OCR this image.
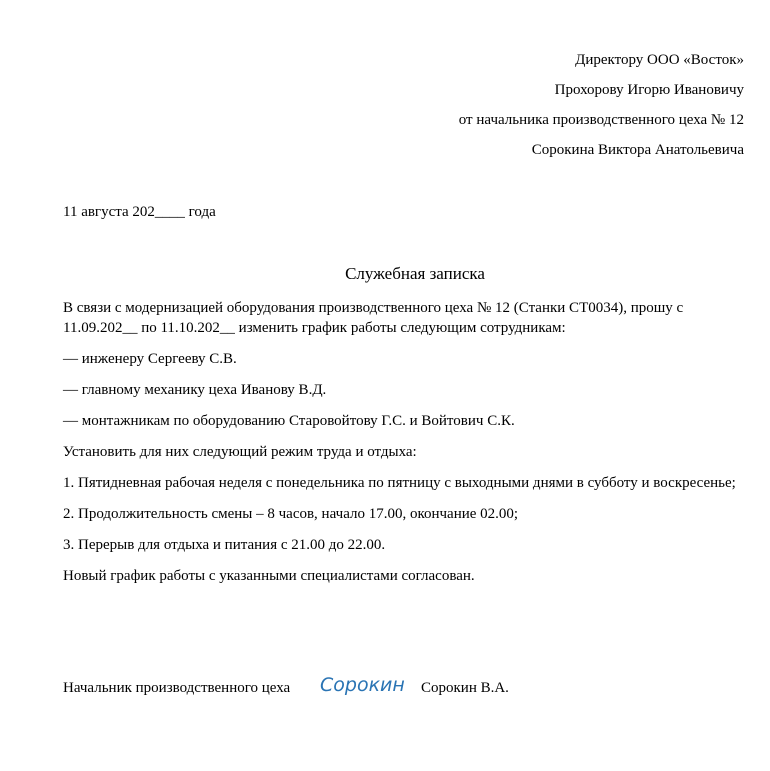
Директору ООО «Восток»
Прохорову Игорю Ивановичу
от начальника производственного цеха № 12
Сорокина Виктора Анатольевича
11 августа 202____ года
Служебная записка
В связи с модернизацией оборудования производственного цеха № 12 (Станки СТ0034), прошу с 11.09.202__ по 11.10.202__ изменить график работы следующим сотрудникам:
— инженеру Сергееву С.В.
— главному механику цеха Иванову В.Д.
— монтажникам по оборудованию Старовойтову Г.С. и Войтович С.К.
Установить для них следующий режим труда и отдыха:
1. Пятидневная рабочая неделя с понедельника по пятницу с выходными днями в субботу и воскресенье;
2. Продолжительность смены – 8 часов, начало 17.00, окончание 02.00;
3. Перерыв для отдыха и питания с 21.00 до 22.00.
Новый график работы с указанными специалистами согласован.
Начальник производственного цеха Сорокин Сорокин В.А.
